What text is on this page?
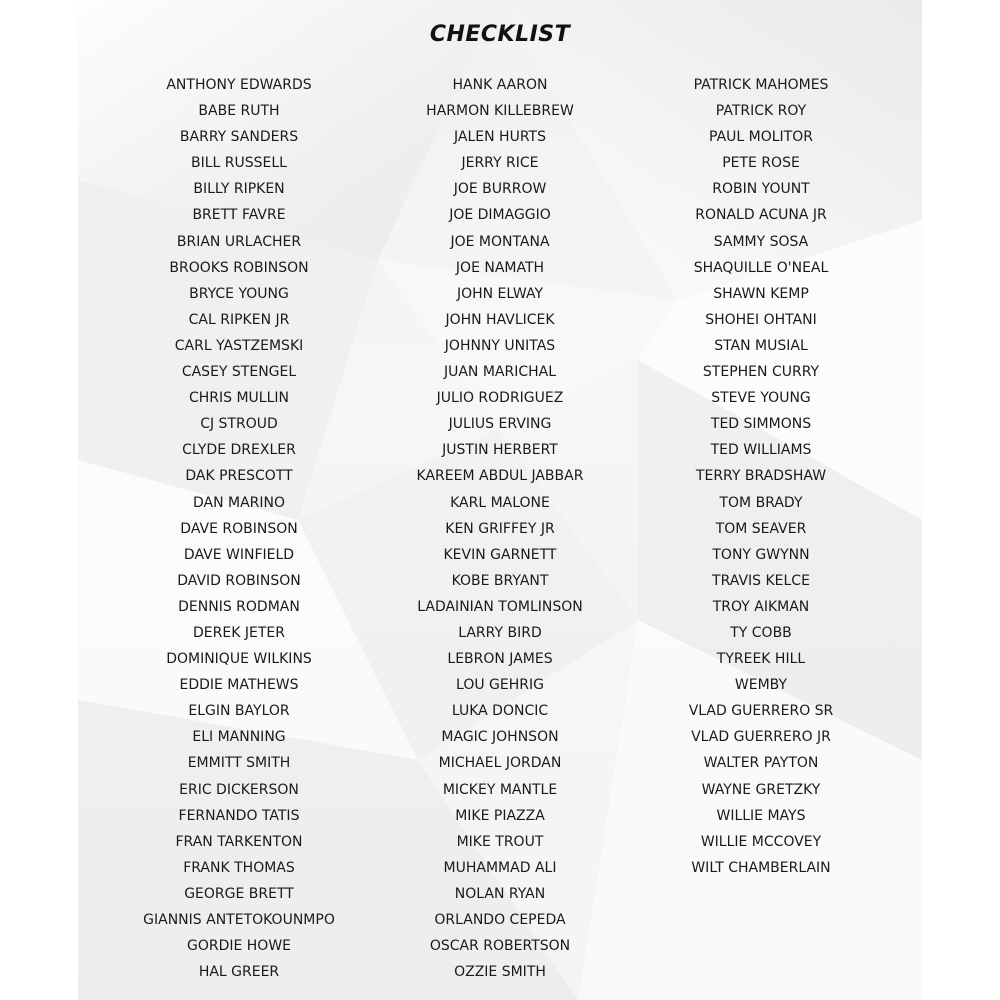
CHECKLIST
ANTHONY EDWARDS
BABE RUTH
BARRY SANDERS
BILL RUSSELL
BILLY RIPKEN
BRETT FAVRE
BRIAN URLACHER
BROOKS ROBINSON
BRYCE YOUNG
CAL RIPKEN JR
CARL YASTZEMSKI
CASEY STENGEL
CHRIS MULLIN
CJ STROUD
CLYDE DREXLER
DAK PRESCOTT
DAN MARINO
DAVE ROBINSON
DAVE WINFIELD
DAVID ROBINSON
DENNIS RODMAN
DEREK JETER
DOMINIQUE WILKINS
EDDIE MATHEWS
ELGIN BAYLOR
ELI MANNING
EMMITT SMITH
ERIC DICKERSON
FERNANDO TATIS
FRAN TARKENTON
FRANK THOMAS
GEORGE BRETT
GIANNIS ANTETOKOUNMPO
GORDIE HOWE
HAL GREER
HANK AARON
HARMON KILLEBREW
JALEN HURTS
JERRY RICE
JOE BURROW
JOE DIMAGGIO
JOE MONTANA
JOE NAMATH
JOHN ELWAY
JOHN HAVLICEK
JOHNNY UNITAS
JUAN MARICHAL
JULIO RODRIGUEZ
JULIUS ERVING
JUSTIN HERBERT
KAREEM ABDUL JABBAR
KARL MALONE
KEN GRIFFEY JR
KEVIN GARNETT
KOBE BRYANT
LADAINIAN TOMLINSON
LARRY BIRD
LEBRON JAMES
LOU GEHRIG
LUKA DONCIC
MAGIC JOHNSON
MICHAEL JORDAN
MICKEY MANTLE
MIKE PIAZZA
MIKE TROUT
MUHAMMAD ALI
NOLAN RYAN
ORLANDO CEPEDA
OSCAR ROBERTSON
OZZIE SMITH
PATRICK MAHOMES
PATRICK ROY
PAUL MOLITOR
PETE ROSE
ROBIN YOUNT
RONALD ACUNA JR
SAMMY SOSA
SHAQUILLE O'NEAL
SHAWN KEMP
SHOHEI OHTANI
STAN MUSIAL
STEPHEN CURRY
STEVE YOUNG
TED SIMMONS
TED WILLIAMS
TERRY BRADSHAW
TOM BRADY
TOM SEAVER
TONY GWYNN
TRAVIS KELCE
TROY AIKMAN
TY COBB
TYREEK HILL
WEMBY
VLAD GUERRERO SR
VLAD GUERRERO JR
WALTER PAYTON
WAYNE GRETZKY
WILLIE MAYS
WILLIE MCCOVEY
WILT CHAMBERLAIN
